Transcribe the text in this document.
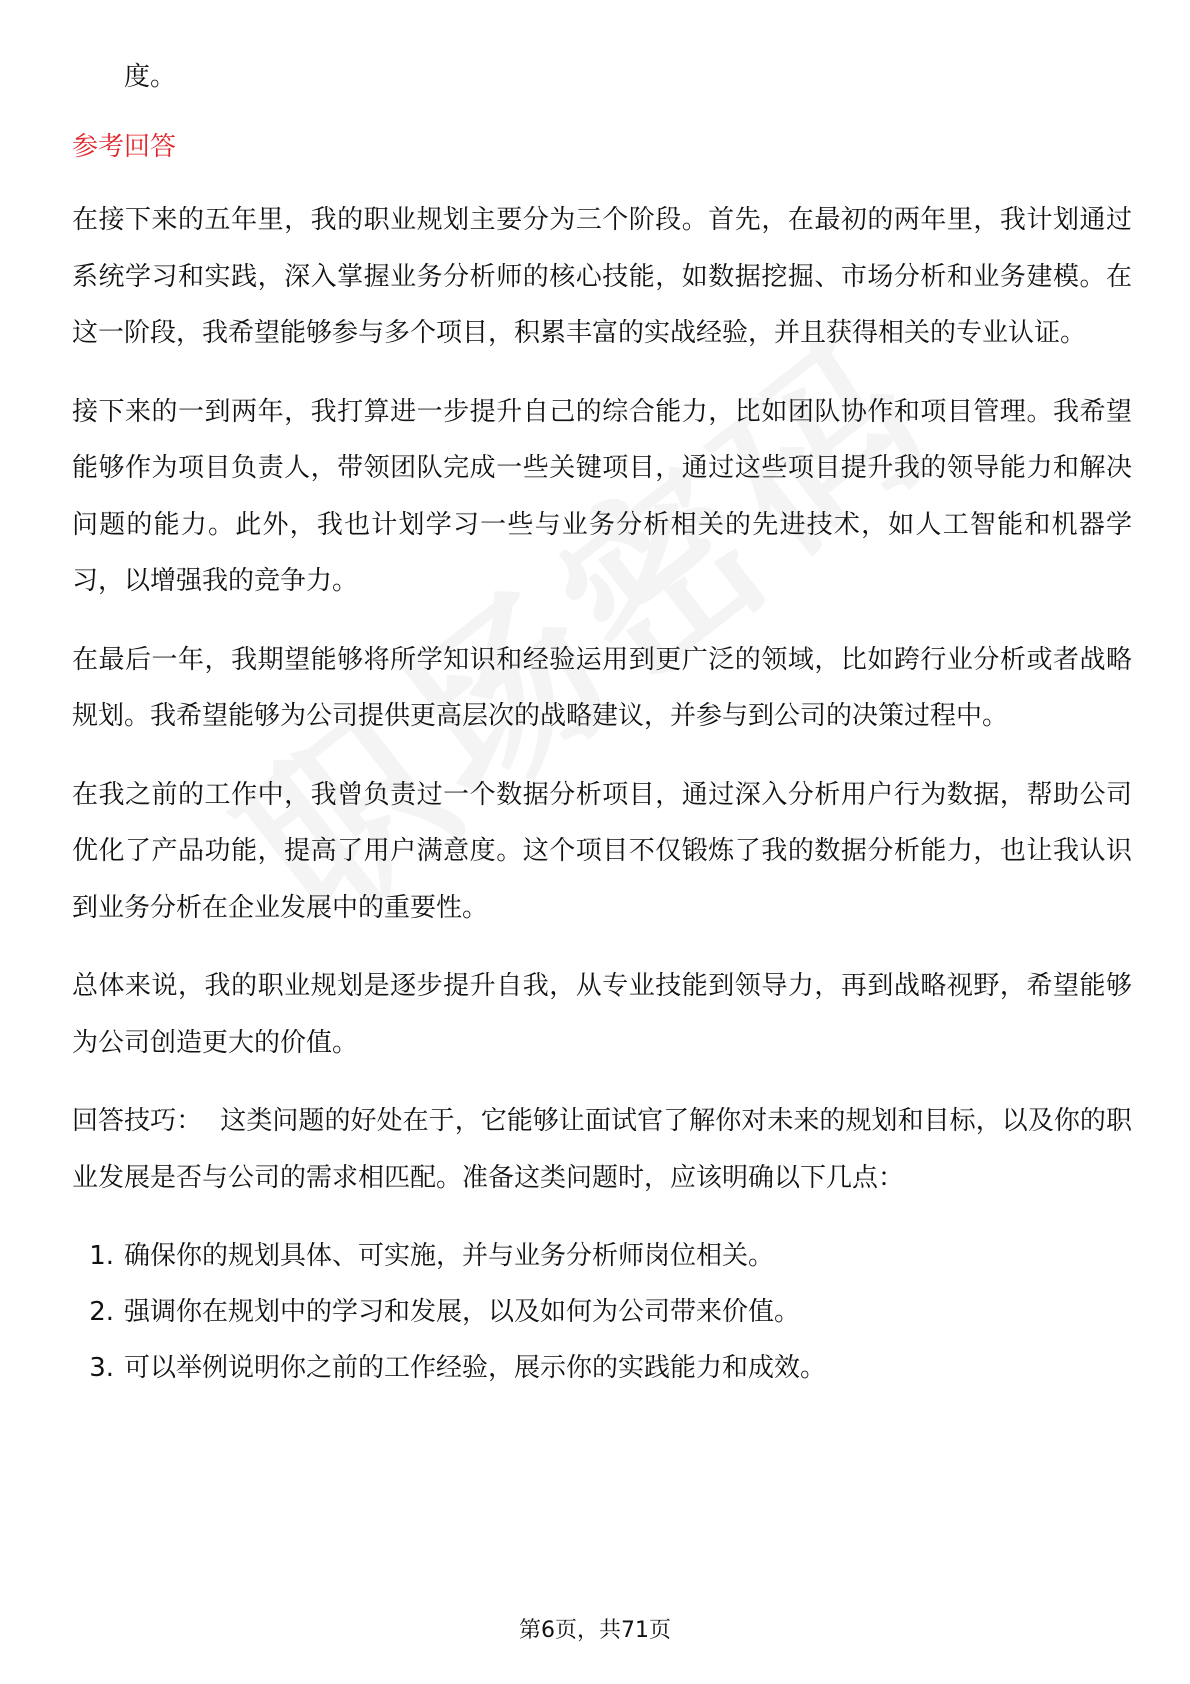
度。
参考回答

在接下来的五年里，我的职业规划主要分为三个阶段。首先，在最初的两年里，我计划通过系统学习和实践，深入掌握业务分析师的核心技能，如数据挖掘、市场分析和业务建模。在这一阶段，我希望能够参与多个项目，积累丰富的实战经验，并且获得相关的专业认证。

接下来的一到两年，我打算进一步提升自己的综合能力，比如团队协作和项目管理。我希望能够作为项目负责人，带领团队完成一些关键项目，通过这些项目提升我的领导能力和解决问题的能力。此外，我也计划学习一些与业务分析相关的先进技术，如人工智能和机器学习，以增强我的竞争力。

在最后一年，我期望能够将所学知识和经验运用到更广泛的领域，比如跨行业分析或者战略规划。我希望能够为公司提供更高层次的战略建议，并参与到公司的决策过程中。

在我之前的工作中，我曾负责过一个数据分析项目，通过深入分析用户行为数据，帮助公司优化了产品功能，提高了用户满意度。这个项目不仅锻炼了我的数据分析能力，也让我认识到业务分析在企业发展中的重要性。

总体来说，我的职业规划是逐步提升自我，从专业技能到领导力，再到战略视野，希望能够为公司创造更大的价值。

回答技巧： 这类问题的好处在于，它能够让面试官了解你对未来的规划和目标，以及你的职业发展是否与公司的需求相匹配。准备这类问题时，应该明确以下几点：

1. 确保你的规划具体、可实施，并与业务分析师岗位相关。
2. 强调你在规划中的学习和发展，以及如何为公司带来价值。
3. 可以举例说明你之前的工作经验，展示你的实践能力和成效。
第6页，共71页
